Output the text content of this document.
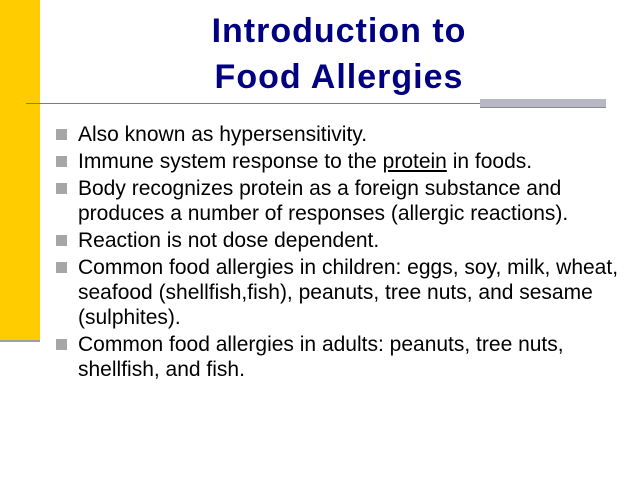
Introduction to
Food Allergies
Also known as hypersensitivity.
Immune system response to the protein in foods.
Body recognizes protein as a foreign substance and produces a number of responses (allergic reactions).
Reaction is not dose dependent.
Common food allergies in children: eggs, soy, milk, wheat, seafood (shellfish,fish), peanuts, tree nuts, and sesame (sulphites).
Common food allergies in adults: peanuts, tree nuts, shellfish, and fish.
